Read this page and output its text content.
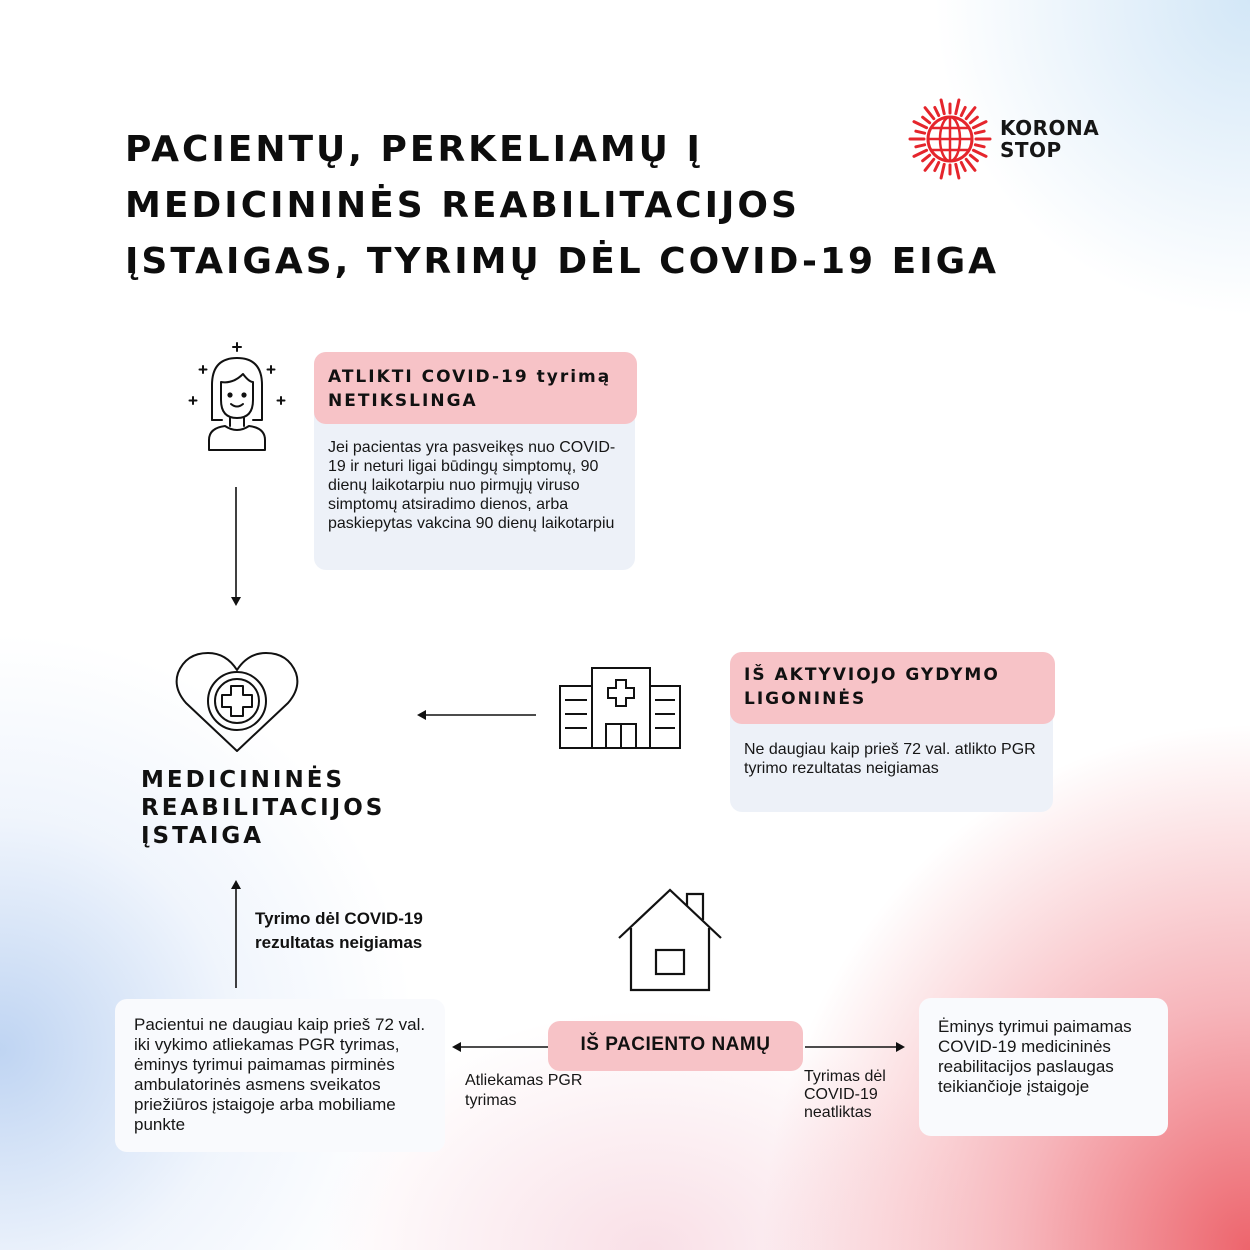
PACIENTŲ, PERKELIAMŲ Į
MEDICININĖS REABILITACIJOS
ĮSTAIGAS, TYRIMŲ DĖL COVID-19 EIGA
KORONA
STOP
Jei pacientas yra pasveikęs nuo COVID-19 ir neturi ligai būdingų simptomų, 90 dienų laikotarpiu nuo pirmųjų viruso simptomų atsiradimo dienos, arba paskiepytas vakcina 90 dienų laikotarpiu
ATLIKTI COVID-19 tyrimą NETIKSLINGA
MEDICININĖS
REABILITACIJOS
ĮSTAIGA
Ne daugiau kaip prieš 72 val. atlikto PGR tyrimo rezultatas neigiamas
IŠ AKTYVIOJO GYDYMO LIGONINĖS
Tyrimo dėl COVID-19 rezultatas neigiamas
Pacientui ne daugiau kaip prieš 72 val. iki vykimo atliekamas PGR tyrimas, ėminys tyrimui paimamas pirminės ambulatorinės asmens sveikatos priežiūros įstaigoje arba mobiliame punkte
Atliekamas PGR tyrimas
IŠ PACIENTO NAMŲ
Tyrimas dėl COVID-19 neatliktas
Ėminys tyrimui paimamas COVID-19 medicininės reabilitacijos paslaugas teikiančioje įstaigoje
